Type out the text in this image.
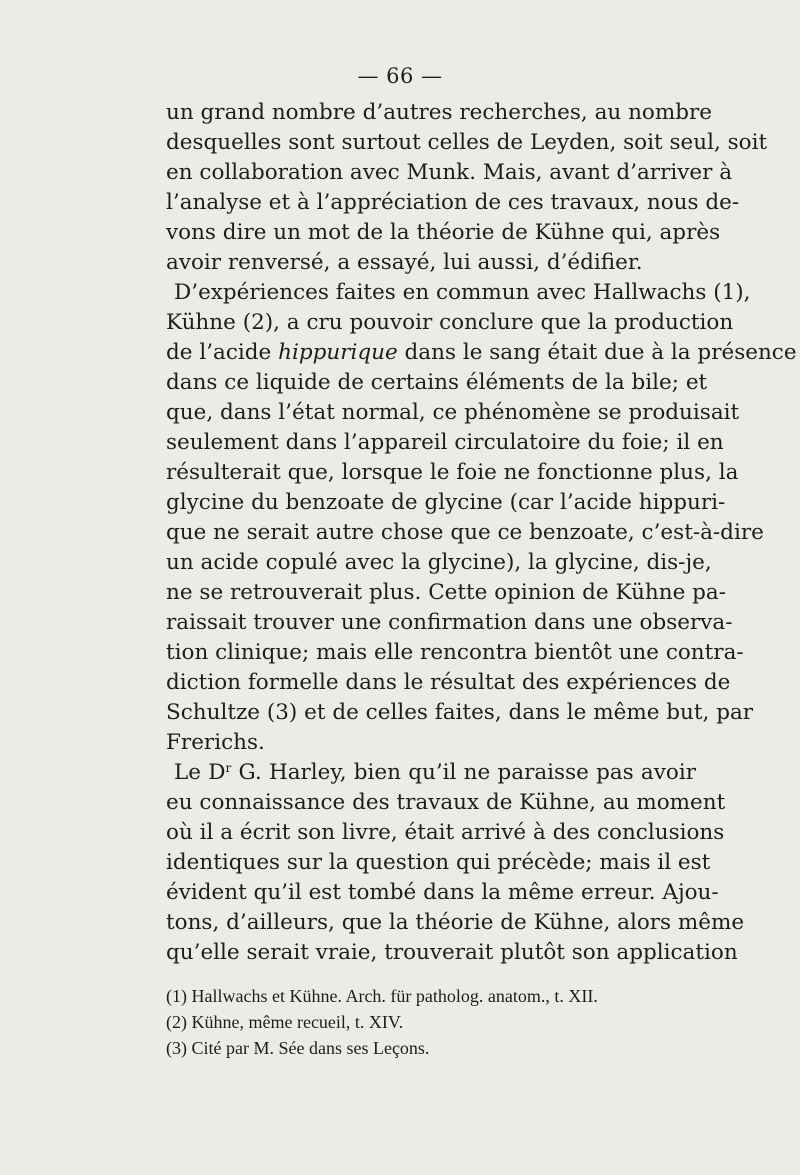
— 66 —
un grand nombre d’autres recherches, au nombre
desquelles sont surtout celles de Leyden, soit seul, soit
en collaboration avec Munk. Mais, avant d’arriver à
l’analyse et à l’appréciation de ces travaux, nous de-
vons dire un mot de la théorie de Kühne qui, après
avoir renversé, a essayé, lui aussi, d’édifier.
D’expériences faites en commun avec Hallwachs (1),
Kühne (2), a cru pouvoir conclure que la production
de l’acide hippurique dans le sang était due à la présence
dans ce liquide de certains éléments de la bile; et
que, dans l’état normal, ce phénomène se produisait
seulement dans l’appareil circulatoire du foie; il en
résulterait que, lorsque le foie ne fonctionne plus, la
glycine du benzoate de glycine (car l’acide hippuri-
que ne serait autre chose que ce benzoate, c’est-à-dire
un acide copulé avec la glycine), la glycine, dis-je,
ne se retrouverait plus. Cette opinion de Kühne pa-
raissait trouver une confirmation dans une observa-
tion clinique; mais elle rencontra bientôt une contra-
diction formelle dans le résultat des expériences de
Schultze (3) et de celles faites, dans le même but, par
Frerichs.
Le $D^r$ G. Harley, bien qu’il ne paraisse pas avoir
eu connaissance des travaux de Kühne, au moment
où il a écrit son livre, était arrivé à des conclusions
identiques sur la question qui précède; mais il est
évident qu’il est tombé dans la même erreur. Ajou-
tons, d’ailleurs, que la théorie de Kühne, alors même
qu’elle serait vraie, trouverait plutôt son application
(1) Hallwachs et Kühne. Arch. für patholog. anatom., t. XII.
(2) Kühne, même recueil, t. XIV.
(3) Cité par M. Sée dans ses Leçons.
